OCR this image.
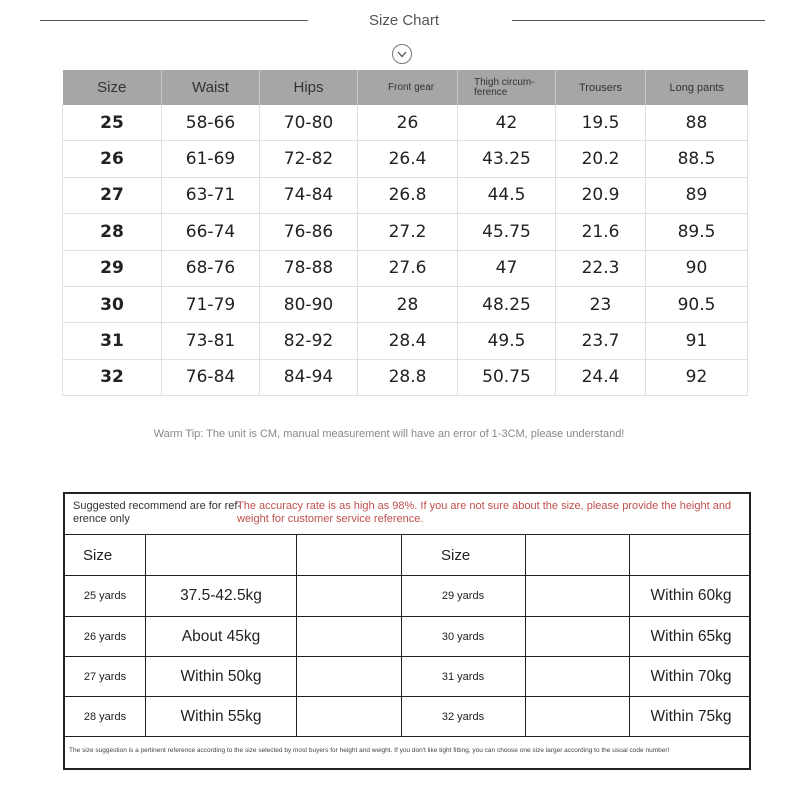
Size Chart
Size	Waist	Hips	Front gear	Thigh circum-ference	Trousers	Long pants
25	58-66	70-80	26	42	19.5	88
26	61-69	72-82	26.4	43.25	20.2	88.5
27	63-71	74-84	26.8	44.5	20.9	89
28	66-74	76-86	27.2	45.75	21.6	89.5
29	68-76	78-88	27.6	47	22.3	90
30	71-79	80-90	28	48.25	23	90.5
31	73-81	82-92	28.4	49.5	23.7	91
32	76-84	84-94	28.8	50.75	24.4	92
Warm Tip: The unit is CM, manual measurement will have an error of 1-3CM, please understand!
Suggested recommend are for ref-erence only
The accuracy rate is as high as 98%. If you are not sure about the size, please provide the height and weight for customer service reference.
Size	Size
25 yards	37.5-42.5kg	29 yards	Within 60kg
26 yards	About 45kg	30 yards	Within 65kg
27 yards	Within 50kg	31 yards	Within 70kg
28 yards	Within 55kg	32 yards	Within 75kg
The size suggestion is a pertinent reference according to the size selected by most buyers for height and weight. If you don't like tight fitting, you can choose one size larger according to the usual code number!
